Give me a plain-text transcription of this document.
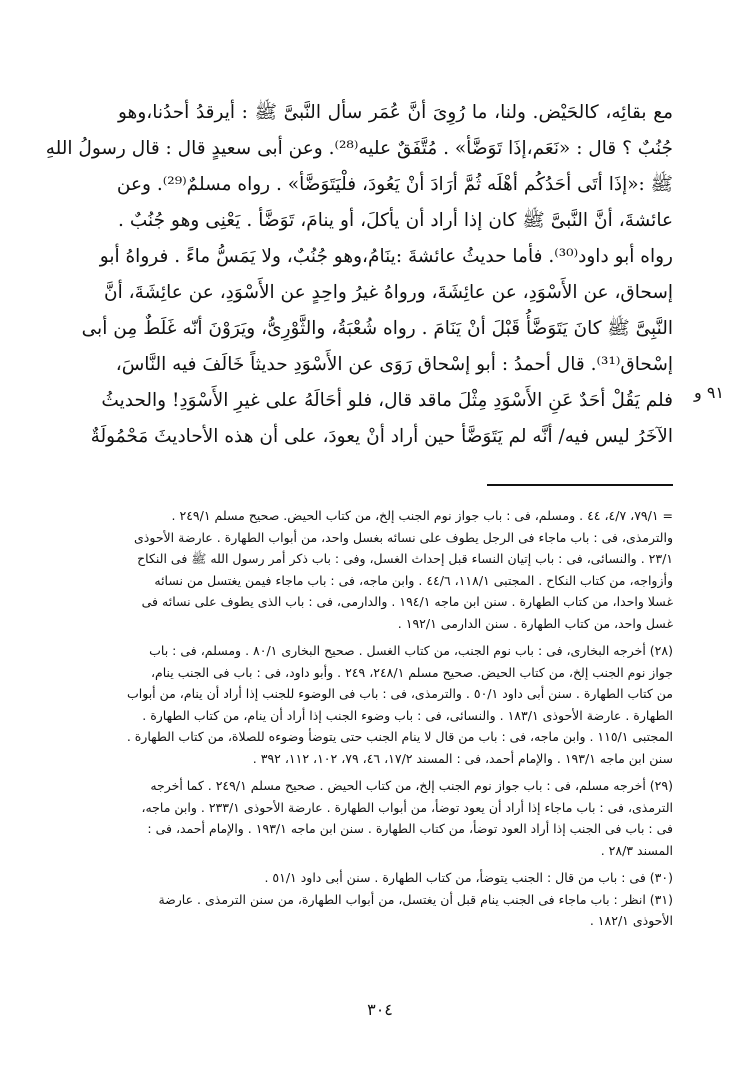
مع بقائِه، كالحَيْض. ولنا، ما رُوِىَ أنَّ عُمَر سأل النَّبىَّ ﷺ : أيرقدُ أحدُنا،وهو
جُنُبٌ ؟ قال : «نَعَم،إذَا تَوَضَّأ» . مُتَّفَقٌ عليه⁽²⁸⁾. وعن أبى سعيدٍ قال : قال رسولُ اللهِ
ﷺ :«إذَا أتَى أحَدُكُم أهْلَه ثُمَّ أرَادَ أنْ يَعُودَ، فلْيَتَوَضَّأ» . رواه مسلمٌ⁽²⁹⁾. وعن
عائشةَ، أنَّ النَّبىَّ ﷺ كان إذا أراد أن يأكلَ، أو ينامَ، تَوَضَّأ . يَعْنِى وهو جُنُبٌ .
رواه أبو داود⁽³⁰⁾. فأما حديثُ عائشةَ :ينَامُ،وهو جُنُبٌ، ولا يَمَسُّ ماءً . فرواهُ أبو
إسحاق، عن الأَسْوَدِ، عن عائِشَةَ، ورواهُ غيرُ واحِدٍ عن الأَسْوَدِ، عن عائِشَةَ، أنَّ
النَّبِىَّ ﷺ كانَ يَتَوَضَّأُ قَبْلَ أنْ يَنَامَ . رواه شُعْبَةُ، والثَّوْرِىُّ، ويَرَوْنَ أنّه غَلَطٌ مِن أبى
إسْحاق⁽³¹⁾. قال أحمدُ : أبو إسْحاق رَوَى عن الأَسْوَدِ حديثاً خَالَفَ فيه النَّاسَ،
فلم يَقُلْ أحَدٌ عَنِ الأَسْوَدِ مِثْلَ ماقد قال، فلو أحَالَهُ على غيرِ الأَسْوَدِ! والحديثُ
الآخَرُ ليس فيه/ أنَّه لم يَتَوَضَّأ حين أراد أنْ يعودَ، على أن هذه الأحاديثَ مَحْمُولَةٌ
٩١ و
= ٧٩/١، ٤/٧، ٤٤ . ومسلم، فى : باب جواز نوم الجنب إلخ، من كتاب الحيض. صحيح مسلم ٢٤٩/١ .
والترمذى، فى : باب ماجاء فى الرجل يطوف على نسائه بغسل واحد، من أبواب الطهارة . عارضة الأحوذى
٢٣/١ . والنسائى، فى : باب إتيان النساء قبل إحداث الغسل، وفى : باب ذكر أمر رسول الله ﷺ فى النكاح
وأزواجه، من كتاب النكاح . المجتبى ١١٨/١، ٤٤/٦ . وابن ماجه، فى : باب ماجاء فيمن يغتسل من نسائه
غسلا واحدا، من كتاب الطهارة . سنن ابن ماجه ١٩٤/١ . والدارمى، فى : باب الذى يطوف على نسائه فى
غسل واحد، من كتاب الطهارة . سنن الدارمى ١٩٢/١ .
(٢٨) أخرجه البخارى، فى : باب نوم الجنب، من كتاب الغسل . صحيح البخارى ٨٠/١ . ومسلم، فى : باب
جواز نوم الجنب إلخ، من كتاب الحيض. صحيح مسلم ٢٤٨/١، ٢٤٩ . وأبو داود، فى : باب فى الجنب ينام،
من كتاب الطهارة . سنن أبى داود ٥٠/١ . والترمذى، فى : باب فى الوضوء للجنب إذا أراد أن ينام، من أبواب
الطهارة . عارضة الأحوذى ١٨٣/١ . والنسائى، فى : باب وضوء الجنب إذا أراد أن ينام، من كتاب الطهارة .
المجتبى ١١٥/١ . وابن ماجه، فى : باب من قال لا ينام الجنب حتى يتوضأ وضوءه للصلاة، من كتاب الطهارة .
سنن ابن ماجه ١٩٣/١ . والإمام أحمد، فى : المسند ١٧/٢، ٤٦، ٧٩، ١٠٢، ١١٢، ٣٩٢ .
(٢٩) أخرجه مسلم، فى : باب جواز نوم الجنب إلخ، من كتاب الحيض . صحيح مسلم ٢٤٩/١ . كما أخرجه
الترمذى، فى : باب ماجاء إذا أراد أن يعود توضأ، من أبواب الطهارة . عارضة الأحوذى ٢٣٣/١ . وابن ماجه،
فى : باب فى الجنب إذا أراد العود توضأ، من كتاب الطهارة . سنن ابن ماجه ١٩٣/١ . والإمام أحمد، فى :
المسند ٢٨/٣ .
(٣٠) فى : باب من قال : الجنب يتوضأ، من كتاب الطهارة . سنن أبى داود ٥١/١ .
(٣١) انظر : باب ماجاء فى الجنب ينام قبل أن يغتسل، من أبواب الطهارة، من سنن الترمذى . عارضة
الأحوذى ١٨٢/١ .
٣٠٤
